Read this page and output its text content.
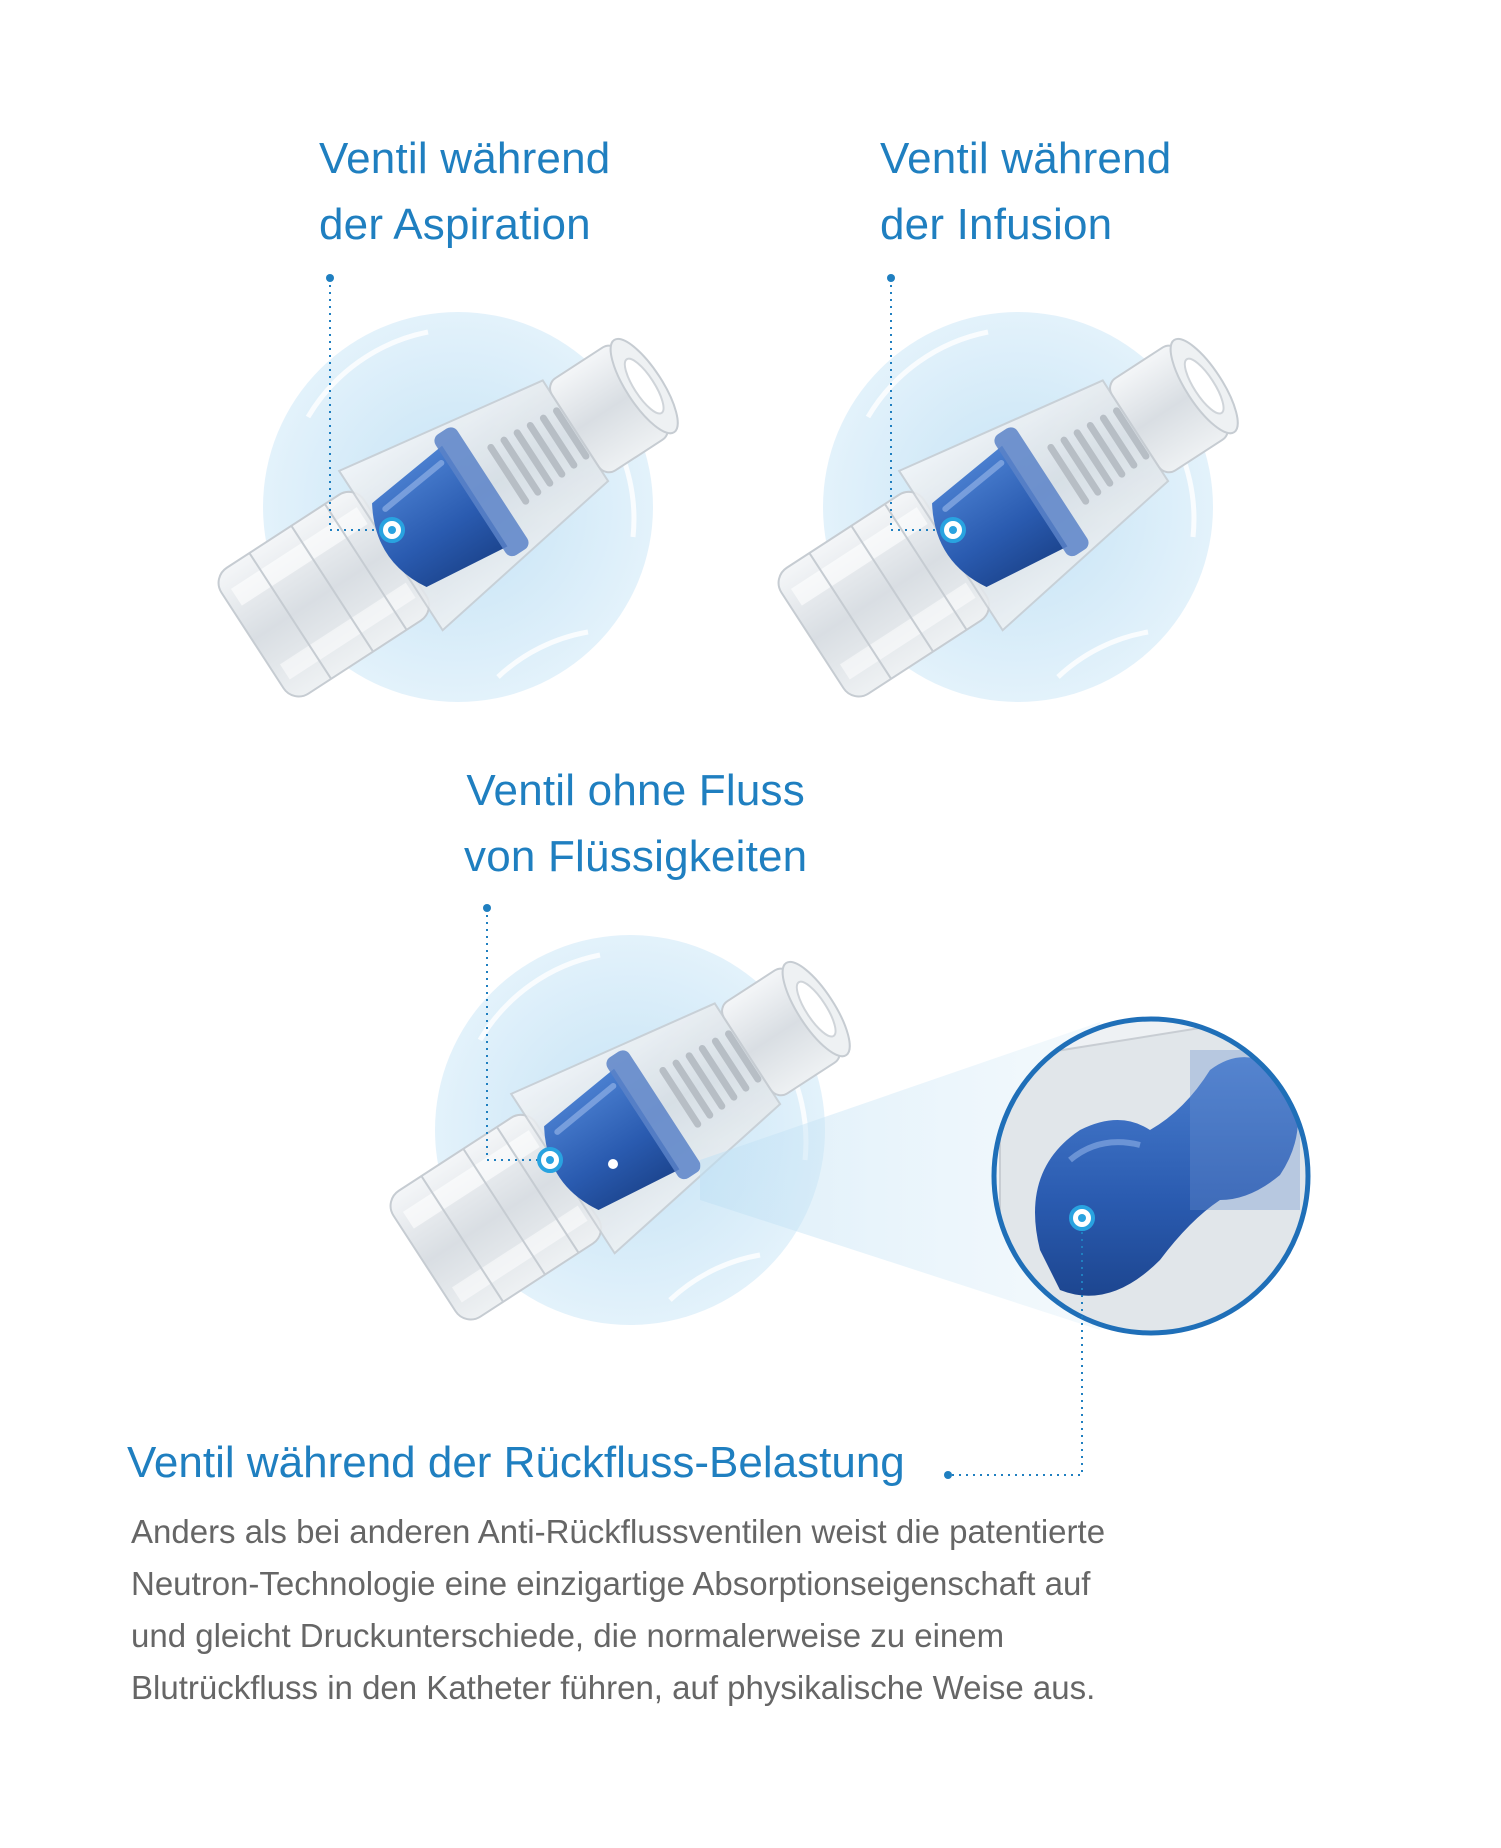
Ventil während
der Aspiration
Ventil während
der Infusion
Ventil ohne Fluss
von Flüssigkeiten
Ventil während der Rückfluss-Belastung
Anders als bei anderen Anti-Rückflussventilen weist die patentierte
Neutron-Technologie eine einzigartige Absorptionseigenschaft auf
und gleicht Druckunterschiede, die normalerweise zu einem
Blutrückfluss in den Katheter führen, auf physikalische Weise aus.
